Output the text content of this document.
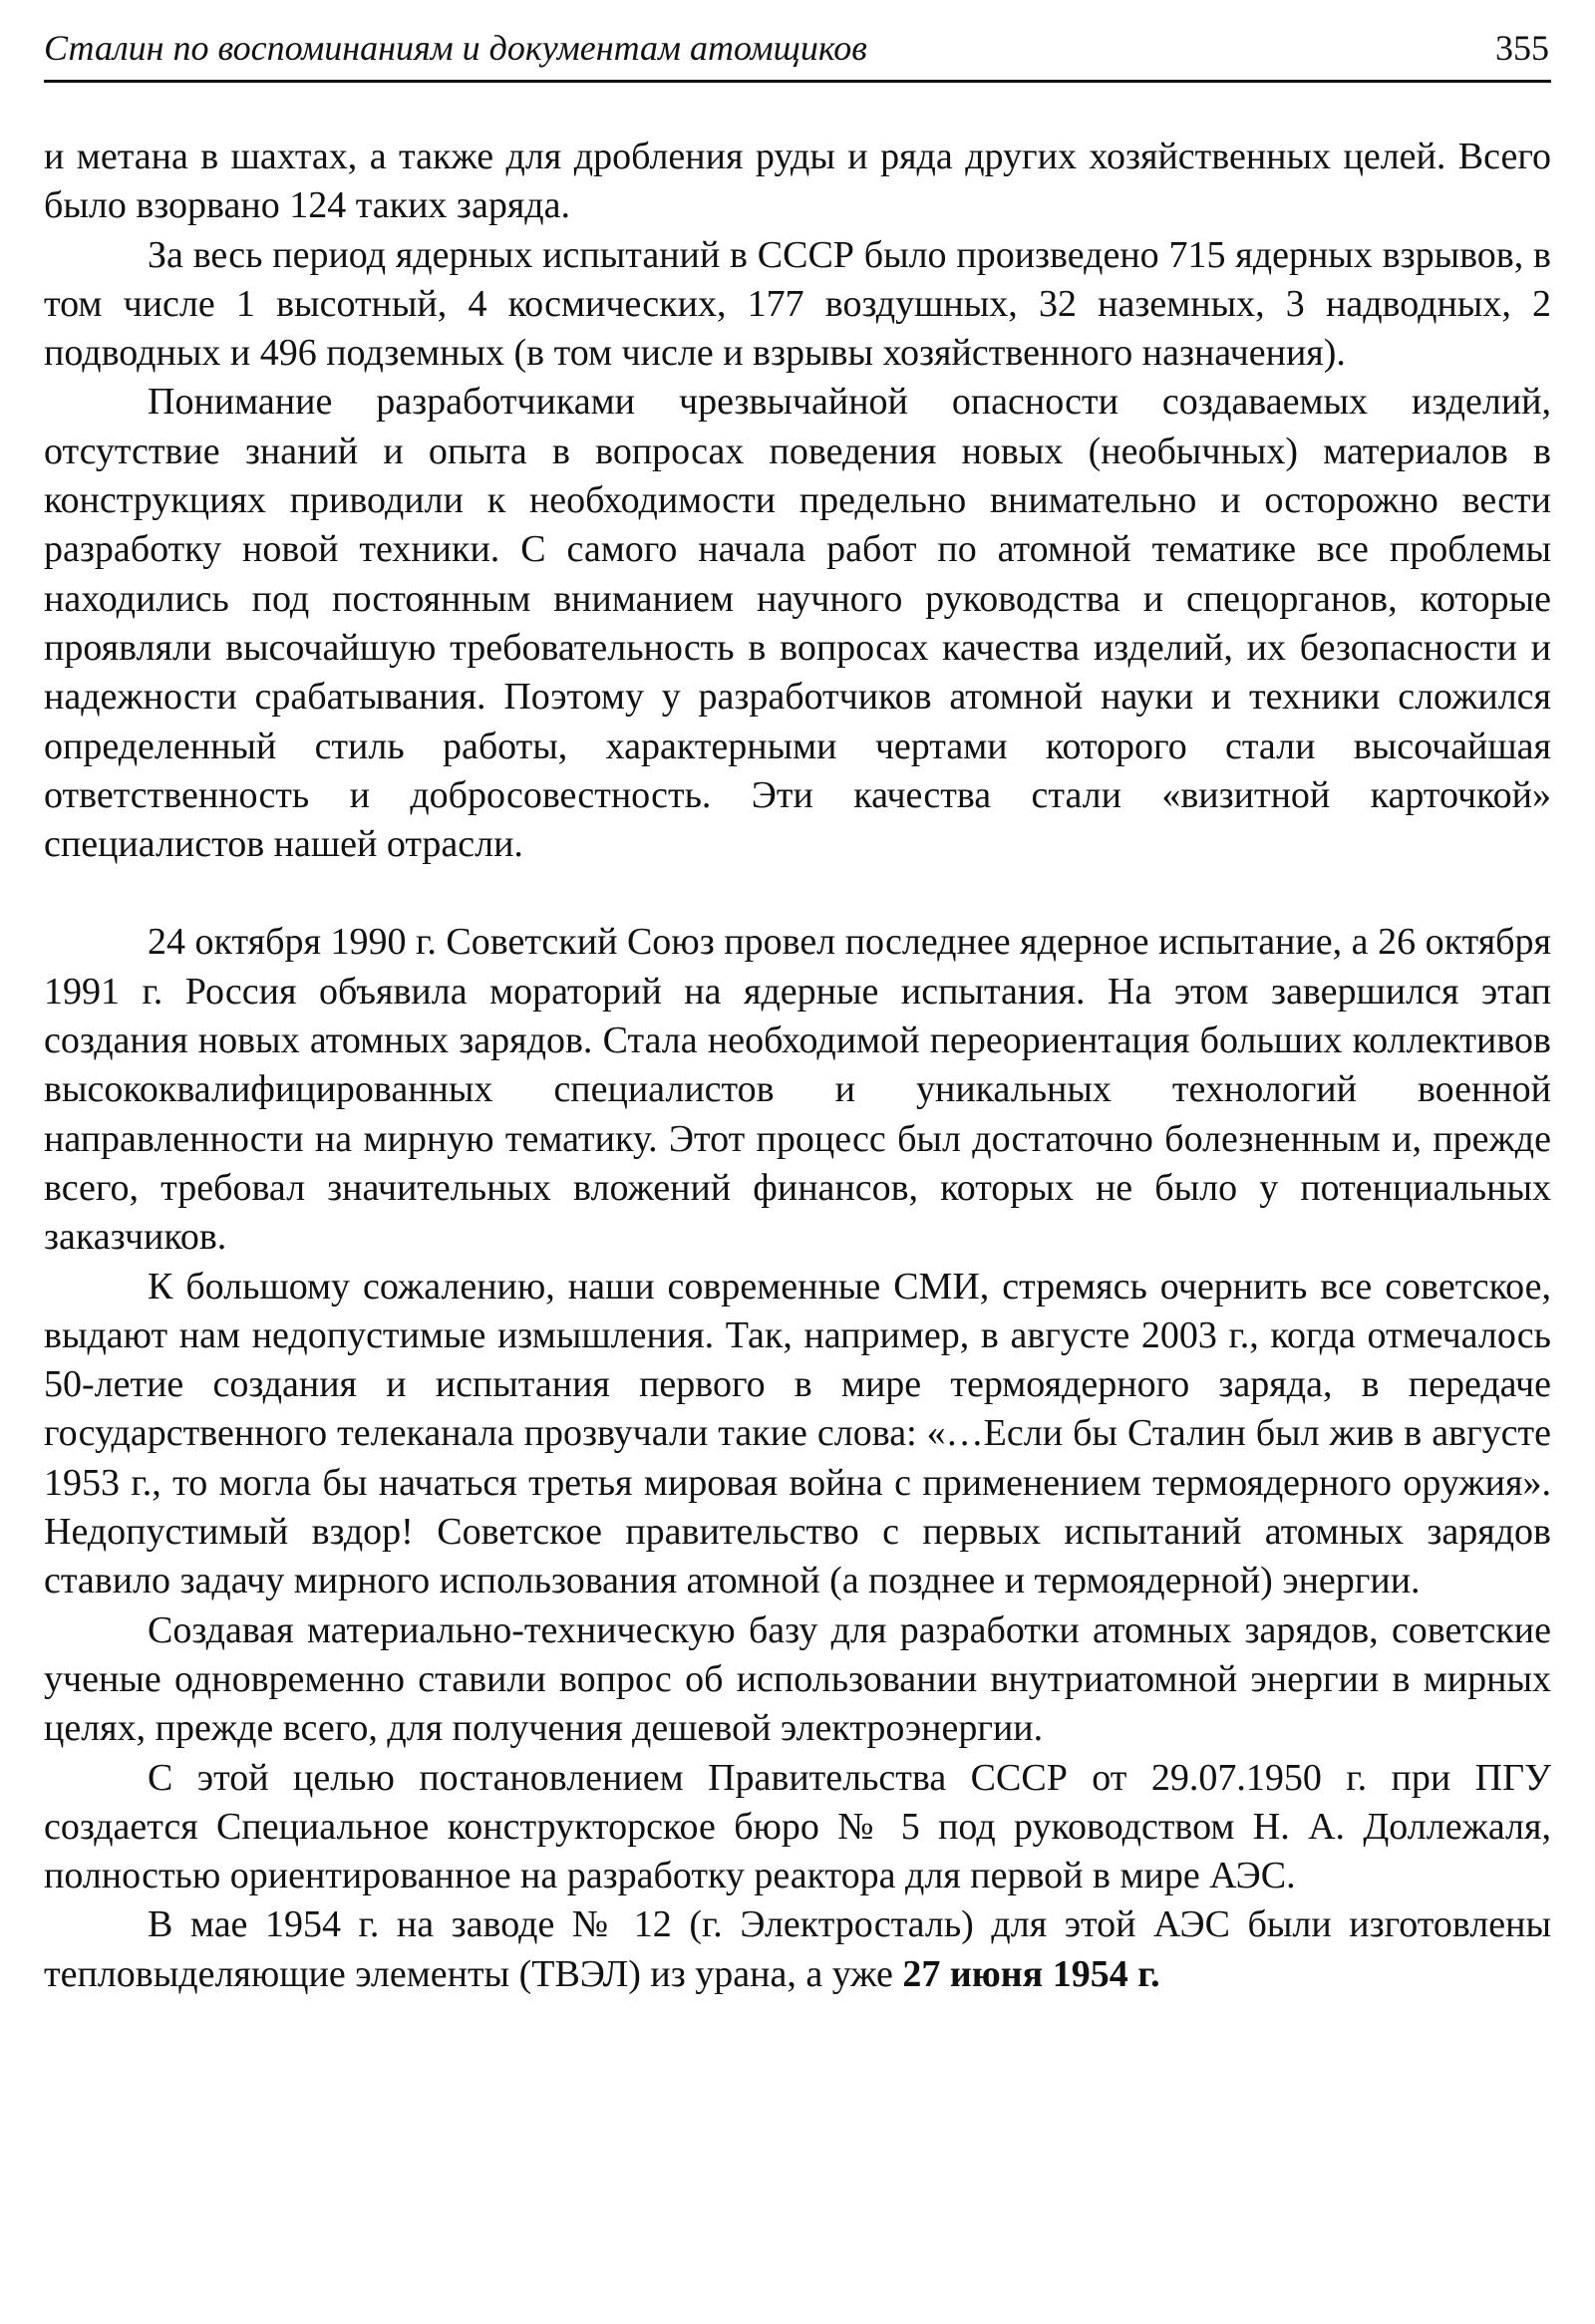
Сталин по воспоминаниям и документам атомщиков	355

и метана в шахтах, а также для дробления руды и ряда других хозяйственных целей. Всего было взорвано 124 таких заряда.

За весь период ядерных испытаний в СССР было произведено 715 ядерных взрывов, в том числе 1 высотный, 4 космических, 177 воздушных, 32 наземных, 3 надводных, 2 подводных и 496 подземных (в том числе и взрывы хозяйственного назначения).

Понимание разработчиками чрезвычайной опасности создаваемых изделий, отсутствие знаний и опыта в вопросах поведения новых (необычных) материалов в конструкциях приводили к необходимости предельно внимательно и осторожно вести разработку новой техники. С самого начала работ по атомной тематике все проблемы находились под постоянным вниманием научного руководства и спецорганов, которые проявляли высочайшую требовательность в вопросах качества изделий, их безопасности и надежности срабатывания. Поэтому у разработчиков атомной науки и техники сложился определенный стиль работы, характерными чертами которого стали высочайшая ответственность и добросовестность. Эти качества стали «визитной карточкой» специалистов нашей отрасли.

24 октября 1990 г. Советский Союз провел последнее ядерное испытание, а 26 октября 1991 г. Россия объявила мораторий на ядерные испытания. На этом завершился этап создания новых атомных зарядов. Стала необходимой переориентация больших коллективов высококвалифицированных специалистов и уникальных технологий военной направленности на мирную тематику. Этот процесс был достаточно болезненным и, прежде всего, требовал значительных вложений финансов, которых не было у потенциальных заказчиков.

К большому сожалению, наши современные СМИ, стремясь очернить все советское, выдают нам недопустимые измышления. Так, например, в августе 2003 г., когда отмечалось 50-летие создания и испытания первого в мире термоядерного заряда, в передаче государственного телеканала прозвучали такие слова: «…Если бы Сталин был жив в августе 1953 г., то могла бы начаться третья мировая война с применением термоядерного оружия». Недопустимый вздор! Советское правительство с первых испытаний атомных зарядов ставило задачу мирного использования атомной (а позднее и термоядерной) энергии.

Создавая материально-техническую базу для разработки атомных зарядов, советские ученые одновременно ставили вопрос об использовании внутриатомной энергии в мирных целях, прежде всего, для получения дешевой электроэнергии.

С этой целью постановлением Правительства СССР от 29.07.1950 г. при ПГУ создается Специальное конструкторское бюро № 5 под руководством Н. А. Доллежаля, полностью ориентированное на разработку реактора для первой в мире АЭС.

В мае 1954 г. на заводе № 12 (г. Электросталь) для этой АЭС были изготовлены тепловыделяющие элементы (ТВЭЛ) из урана, а уже 27 июня 1954 г.
